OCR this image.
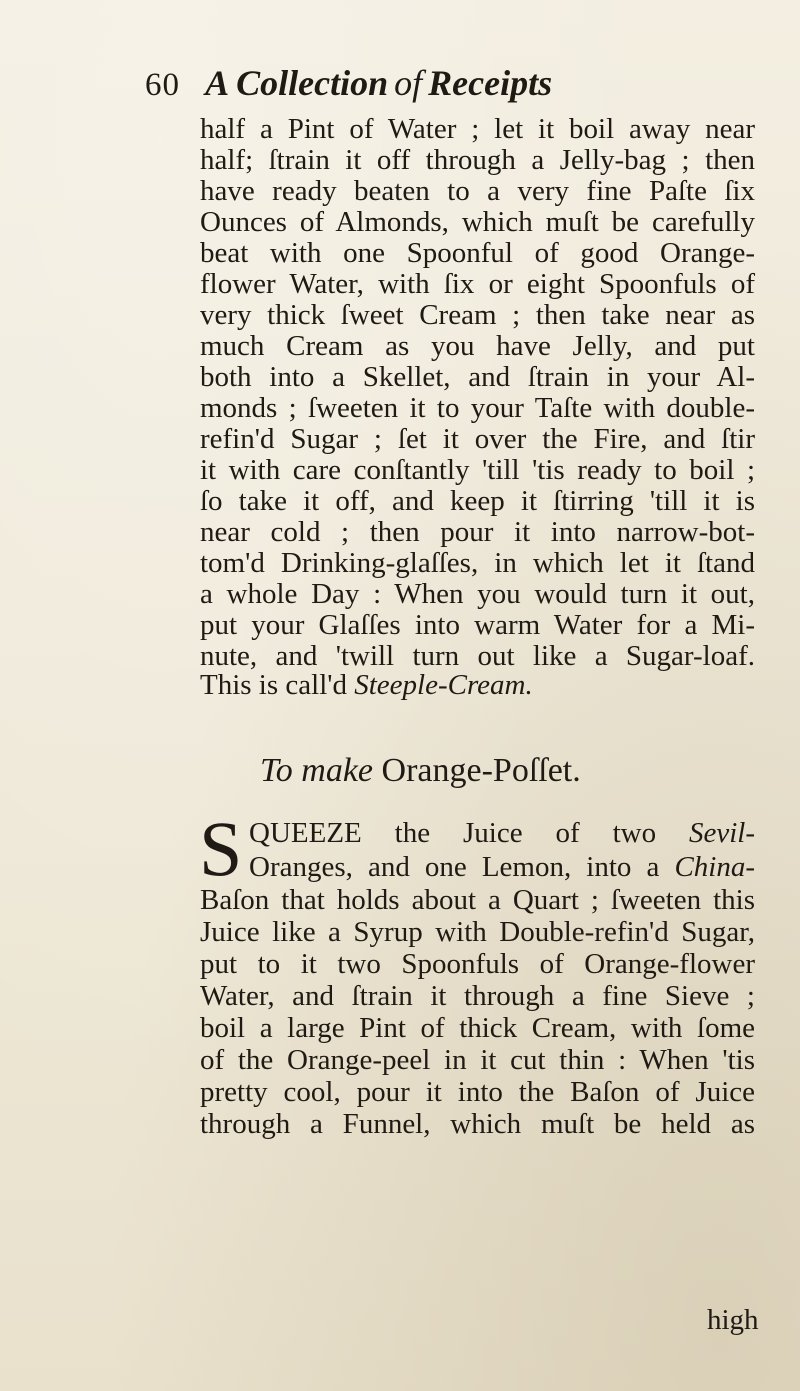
60 A Collection of Receipts
half a Pint of Water ; let it boil away near
half; ſtrain it off through a Jelly-bag ; then
have ready beaten to a very fine Paſte ſix
Ounces of Almonds, which muſt be carefully
beat with one Spoonful of good Orange-
flower Water, with ſix or eight Spoonfuls of
very thick ſweet Cream ; then take near as
much Cream as you have Jelly, and put
both into a Skellet, and ſtrain in your Al-
monds ; ſweeten it to your Taſte with double-
refin'd Sugar ; ſet it over the Fire, and ſtir
it with care conſtantly 'till 'tis ready to boil ;
ſo take it off, and keep it ſtirring 'till it is
near cold ; then pour it into narrow-bot-
tom'd Drinking-glaſſes, in which let it ſtand
a whole Day : When you would turn it out,
put your Glaſſes into warm Water for a Mi-
nute, and 'twill turn out like a Sugar-loaf.
This is call'd Steeple-Cream.
To make Orange-Poſſet.
S QUEEZE the Juice of two Sevil-
Oranges, and one Lemon, into a China-
Baſon that holds about a Quart ; ſweeten this
Juice like a Syrup with Double-refin'd Sugar,
put to it two Spoonfuls of Orange-flower
Water, and ſtrain it through a fine Sieve ;
boil a large Pint of thick Cream, with ſome
of the Orange-peel in it cut thin : When 'tis
pretty cool, pour it into the Baſon of Juice
through a Funnel, which muſt be held as
high
